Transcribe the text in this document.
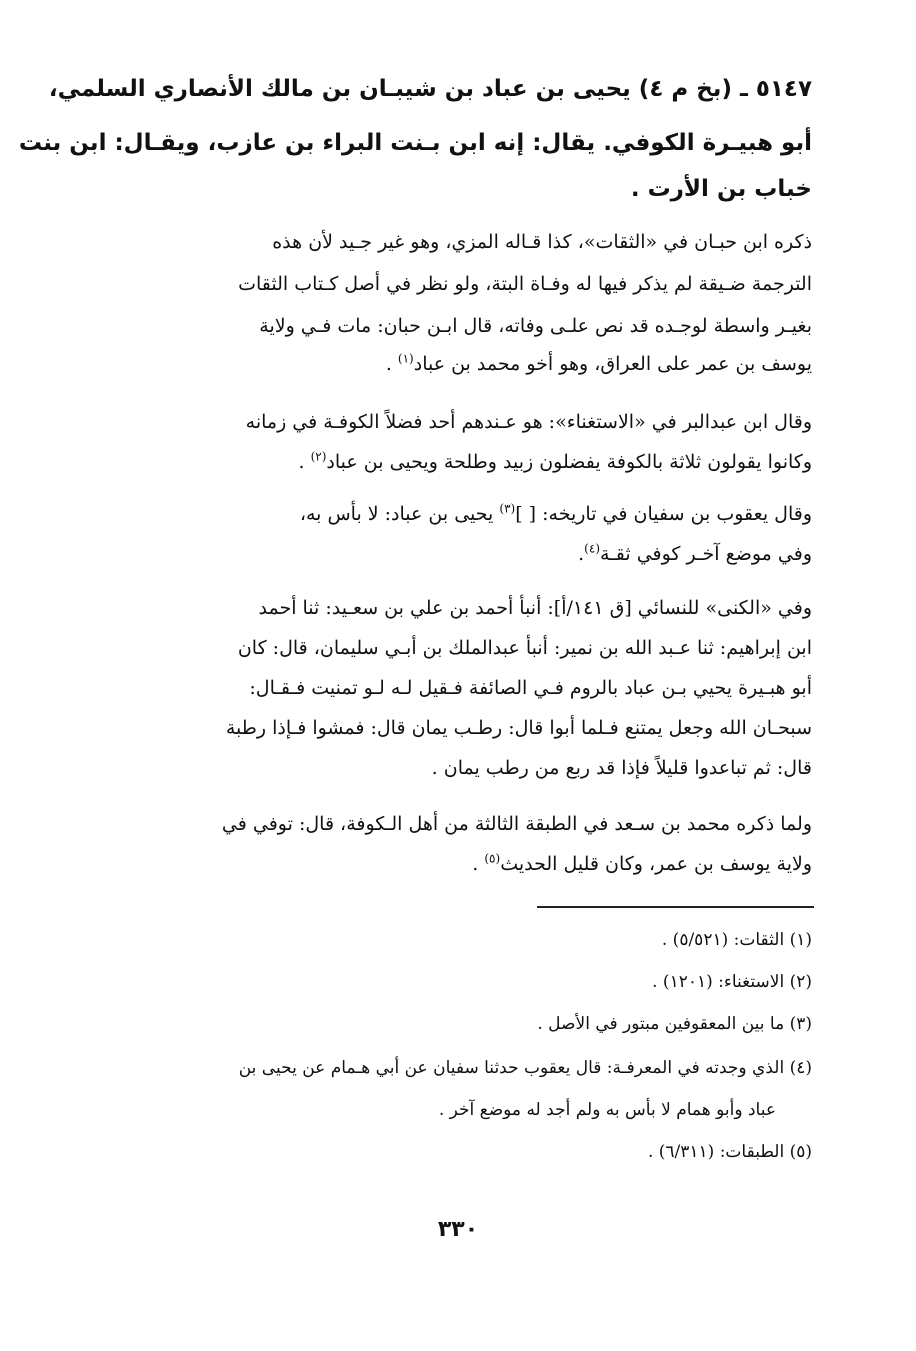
٥١٤٧ ـ (بخ م ٤) يحيى بن عباد بن شيبـان بن مالك الأنصاري السلمي،
أبو هبيـرة الكوفي. يقال: إنه ابن بـنت البراء بن عازب، ويقـال: ابن بنت
خباب بن الأرت .
ذكره ابن حبـان في «الثقات»، كذا قـاله المزي، وهو غير جـيد لأن هذه
الترجمة ضـيقة لم يذكر فيها له وفـاة البتة، ولو نظر في أصل كـتاب الثقات
بغيـر واسطة لوجـده قد نص علـى وفاته، قال ابـن حبان: مات فـي ولاية
يوسف بن عمر على العراق، وهو أخو محمد بن عباد$^{(١)}$ .
وقال ابن عبدالبر في «الاستغناء»: هو عـندهم أحد فضلاً الكوفـة في زمانه
وكانوا يقولون ثلاثة بالكوفة يفضلون زبيد وطلحة ويحيى بن عباد$^{(٢)}$ .
وقال يعقوب بن سفيان في تاريخه: [ ]$^{(٣)}$ يحيى بن عباد: لا بأس به،
وفي موضع آخـر كوفي ثقـة$^{(٤)}$.
وفي «الكنى» للنسائي [ق ١٤١/أ]: أنبأ أحمد بن علي بن سعـيد: ثنا أحمد
ابن إبراهيم: ثنا عـبد الله بن نمير: أنبأ عبدالملك بن أبـي سليمان، قال: كان
أبو هبـيرة يحيي بـن عباد بالروم فـي الصائفة فـقيل لـه لـو تمنيت فـقـال:
سبحـان الله وجعل يمتنع فـلما أبوا قال: رطـب يمان قال: فمشوا فـإذا رطبة
قال: ثم تباعدوا قليلاً فإذا قد ربع من رطب يمان .
ولما ذكره محمد بن سـعد في الطبقة الثالثة من أهل الـكوفة، قال: توفي في
ولاية يوسف بن عمر، وكان قليل الحديث$^{(٥)}$ .
(١) الثقات: (٥/٥٢١) .
(٢) الاستغناء: (١٢٠١) .
(٣) ما بين المعقوفين مبتور في الأصل .
(٤) الذي وجدته في المعرفـة: قال يعقوب حدثنا سفيان عن أبي هـمام عن يحيى بن
عباد وأبو همام لا بأس به ولم أجد له موضع آخر .
(٥) الطبقات: (٦/٣١١) .
٣٣٠
